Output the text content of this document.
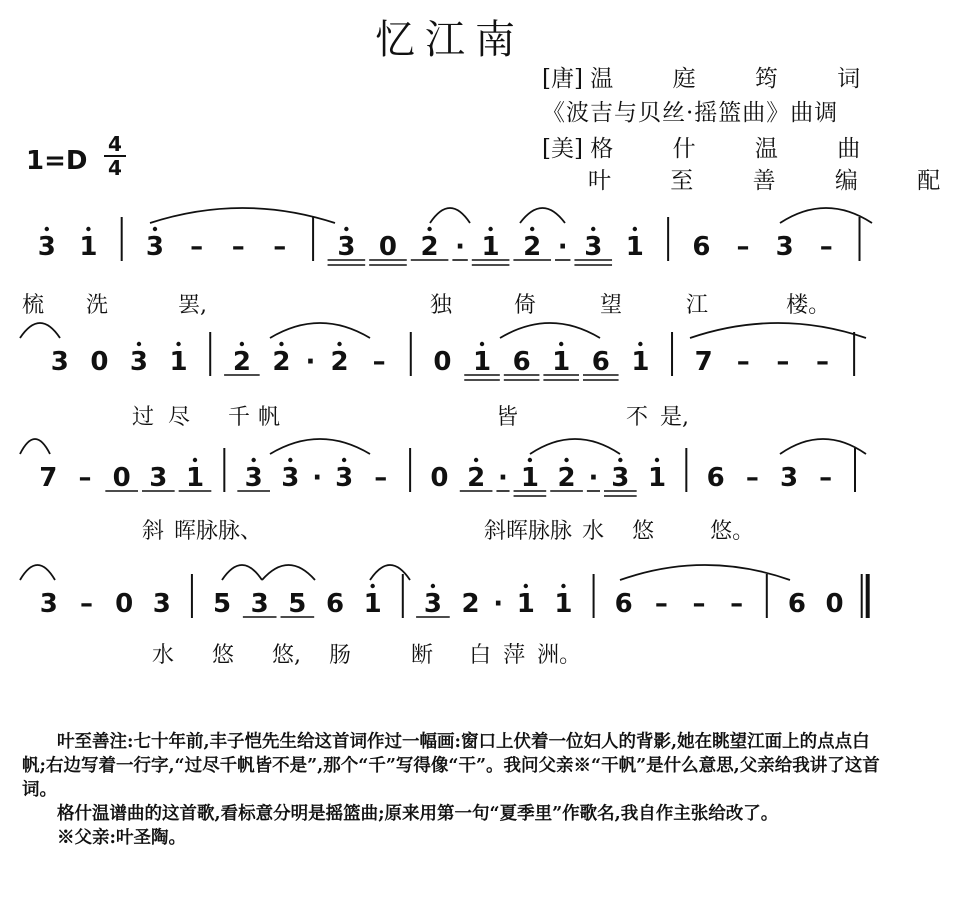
忆江南
[唐] 温 庭 筠 词
《波吉与贝丝·摇篮曲》曲调
[美] 格 什 温 曲
叶 至 善 编 配
1=D
4
4
3 1 3 – – – 3 0 2 · 1 2 · 3 1 6 – 3 –
3 0 3 1 2 2 · 2 – 0 1 6 1 6 1 7 – – –
7 – 0 3 1 3 3 · 3 – 0 2 · 1 2 · 3 1 6 – 3 –
3 – 0 3 5 3 5 6 1 3 2 · 1 1 6 – – – 6 0
梳 洗	罢,	独	倚	望	江	楼。
过 尽 千 帆	皆	不 是,
斜 晖脉脉、	斜晖脉脉 水 悠	悠。
水 悠 悠, 肠	断 白 萍 洲。

叶至善注:七十年前,丰子恺先生给这首词作过一幅画:窗口上伏着一位妇人的背影,她在眺望江面上的点点白帆;右边写着一行字,“过尽千帆皆不是”,那个“千”写得像“干”。我问父亲※“干帆”是什么意思,父亲给我讲了这首词。

格什温谱曲的这首歌,看标意分明是摇篮曲;原来用第一句“夏季里”作歌名,我自作主张给改了。

※父亲:叶圣陶。
